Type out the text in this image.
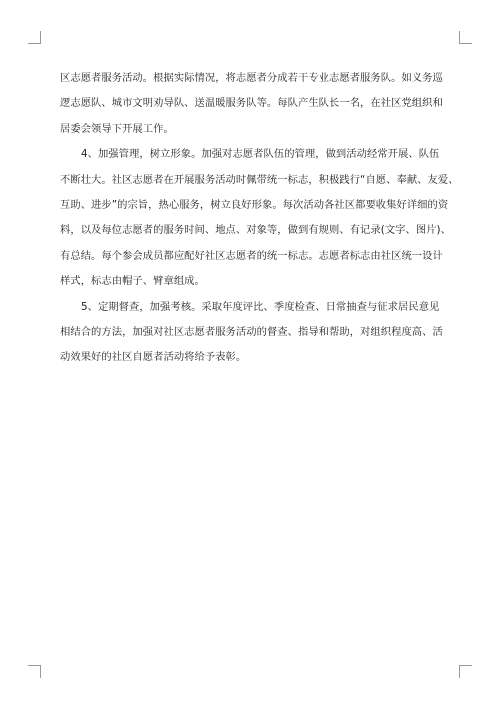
区志愿者服务活动。根据实际情况，将志愿者分成若干专业志愿者服务队。如义务巡
逻志愿队、城市文明劝导队、送温暖服务队等。每队产生队长一名，在社区党组织和
居委会领导下开展工作。
4、加强管理，树立形象。加强对志愿者队伍的管理，做到活动经常开展、队伍
不断壮大。社区志愿者在开展服务活动时佩带统一标志，积极践行“自愿、奉献、友爱、
互助、进步”的宗旨，热心服务，树立良好形象。每次活动各社区都要收集好详细的资
料，以及每位志愿者的服务时间、地点、对象等，做到有规则、有记录(文字、图片)、
有总结。每个参会成员都应配好社区志愿者的统一标志。志愿者标志由社区统一设计
样式，标志由帽子、臂章组成。
5、定期督查，加强考核。采取年度评比、季度检查、日常抽查与征求居民意见
相结合的方法，加强对社区志愿者服务活动的督查、指导和帮助，对组织程度高、活
动效果好的社区自愿者活动将给予表彰。
